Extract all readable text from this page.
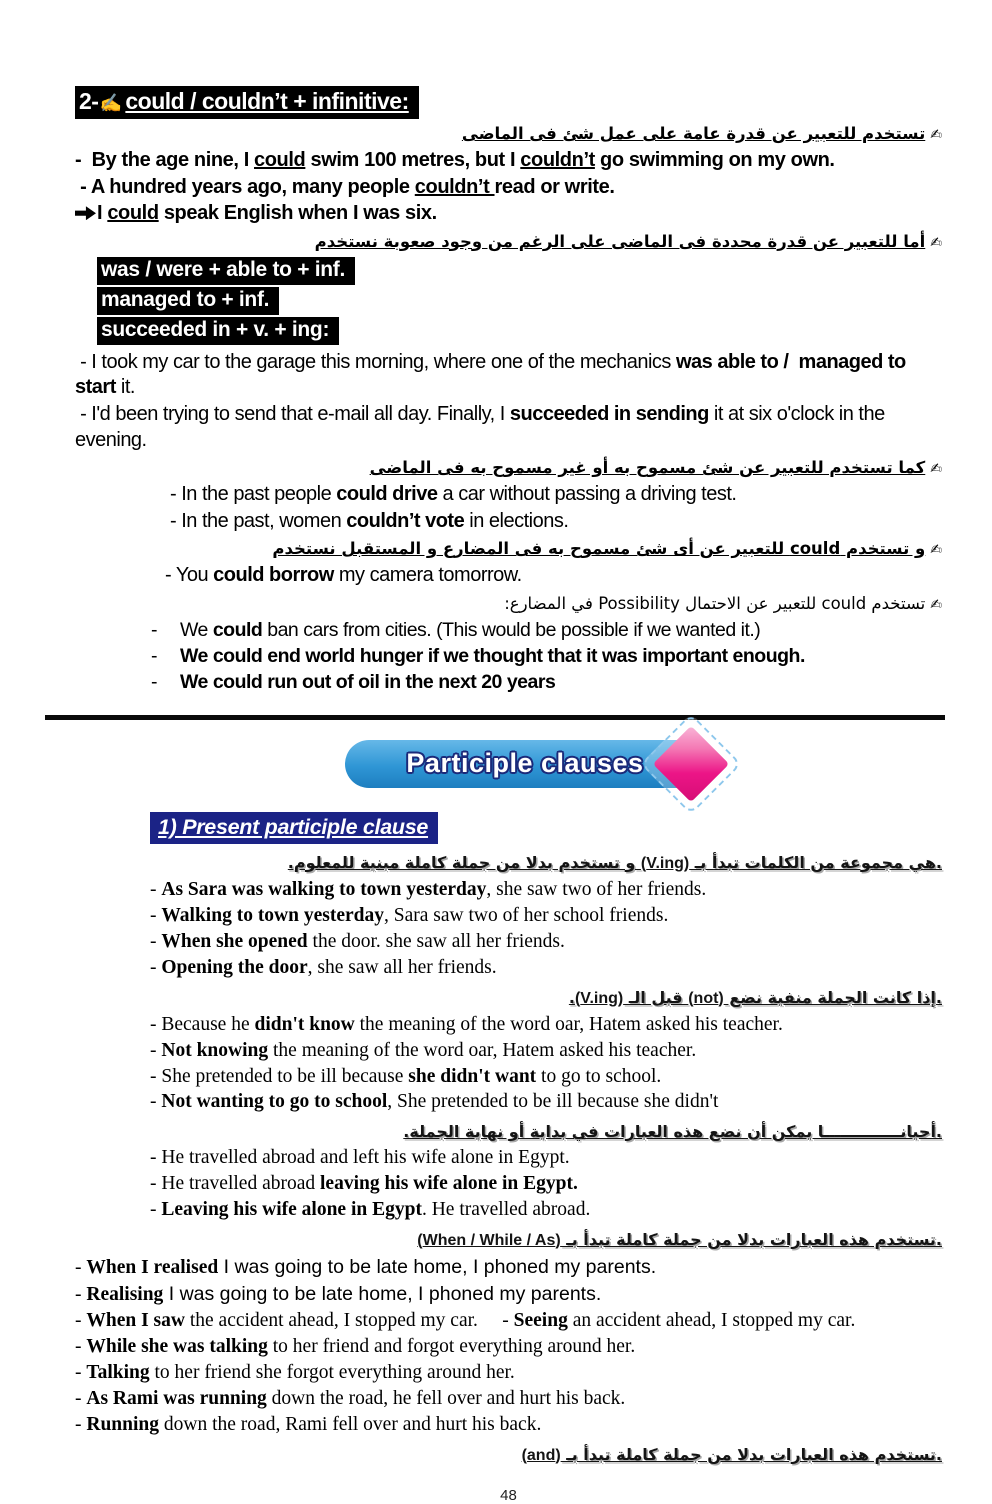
2-✍ could / couldn’t + infinitive:
✍تستخدم للتعبير عن قدرة عامة على عمل شئ فى الماضى
-  By the age nine, I could swim 100 metres, but I couldn’t go swimming on my own.
- A hundred years ago, many people couldn’t read or write.
I could speak English when I was six.
✍أما للتعبير عن قدرة محددة فى الماضى على الرغم من وجود صعوبة نستخدم
was / were + able to + inf.
managed to + inf.
succeeded in + v. + ing:
- I took my car to the garage this morning, where one of the mechanics was able to /  managed to start it.
- I'd been trying to send that e-mail all day. Finally, I succeeded in sending it at six o'clock in the evening.
✍كما تستخدم للتعبير عن شئ مسموح به أو غير مسموح به فى الماضى
- In the past people could drive a car without passing a driving test.
- In the past, women couldn’t vote in elections.
✍و تستخدم could للتعبير عن أى شئ مسموح به فى المضارع و المستقبل نستخدم
- You could borrow my camera tomorrow.
✍تستخدم could للتعبير عن الاحتمال Possibility في المضارع:
- We could ban cars from cities. (This would be possible if we wanted it.)
- We could end world hunger if we thought that it was important enough.
- We could run out of oil in the next 20 years
Participle clauses
1) Present participle clause
.هي مجموعة من الكلمات تبدأ بـ (V.ing) و تستخدم بدلا من جملة كاملة مبنية للمعلوم.
- As Sara was walking to town yesterday, she saw two of her friends.
- Walking to town yesterday, Sara saw two of her school friends.
- When she opened the door. she saw all her friends.
- Opening the door, she saw all her friends.
.إذا كانت الجملة منفية نضع (not) قبل الـ (V.ing).
- Because he didn't know the meaning of the word oar, Hatem asked his teacher.
- Not knowing the meaning of the word oar, Hatem asked his teacher.
- She pretended to be ill because she didn't want to go to school.
- Not wanting to go to school, She pretended to be ill because she didn't
.أحيانــــــــــــــا يمكن أن نضع هذه العبارات في بداية أو نهاية الجملة.
- He travelled abroad and left his wife alone in Egypt.
- He travelled abroad leaving his wife alone in Egypt.
- Leaving his wife alone in Egypt. He travelled abroad.
.تستخدم هذه العبارات بدلا من جملة كاملة تبدأ بـ (When / While / As)
- When I realised I was going to be late home, I phoned my parents.
- Realising I was going to be late home, I phoned my parents.
- When I saw the accident ahead, I stopped my car.     - Seeing an accident ahead, I stopped my car.
- While she was talking to her friend and forgot everything around her.
- Talking to her friend she forgot everything around her.
- As Rami was running down the road, he fell over and hurt his back.
- Running down the road, Rami fell over and hurt his back.
.تستخدم هذه العبارات بدلا من جملة كاملة تبدأ بـ (and)
48
